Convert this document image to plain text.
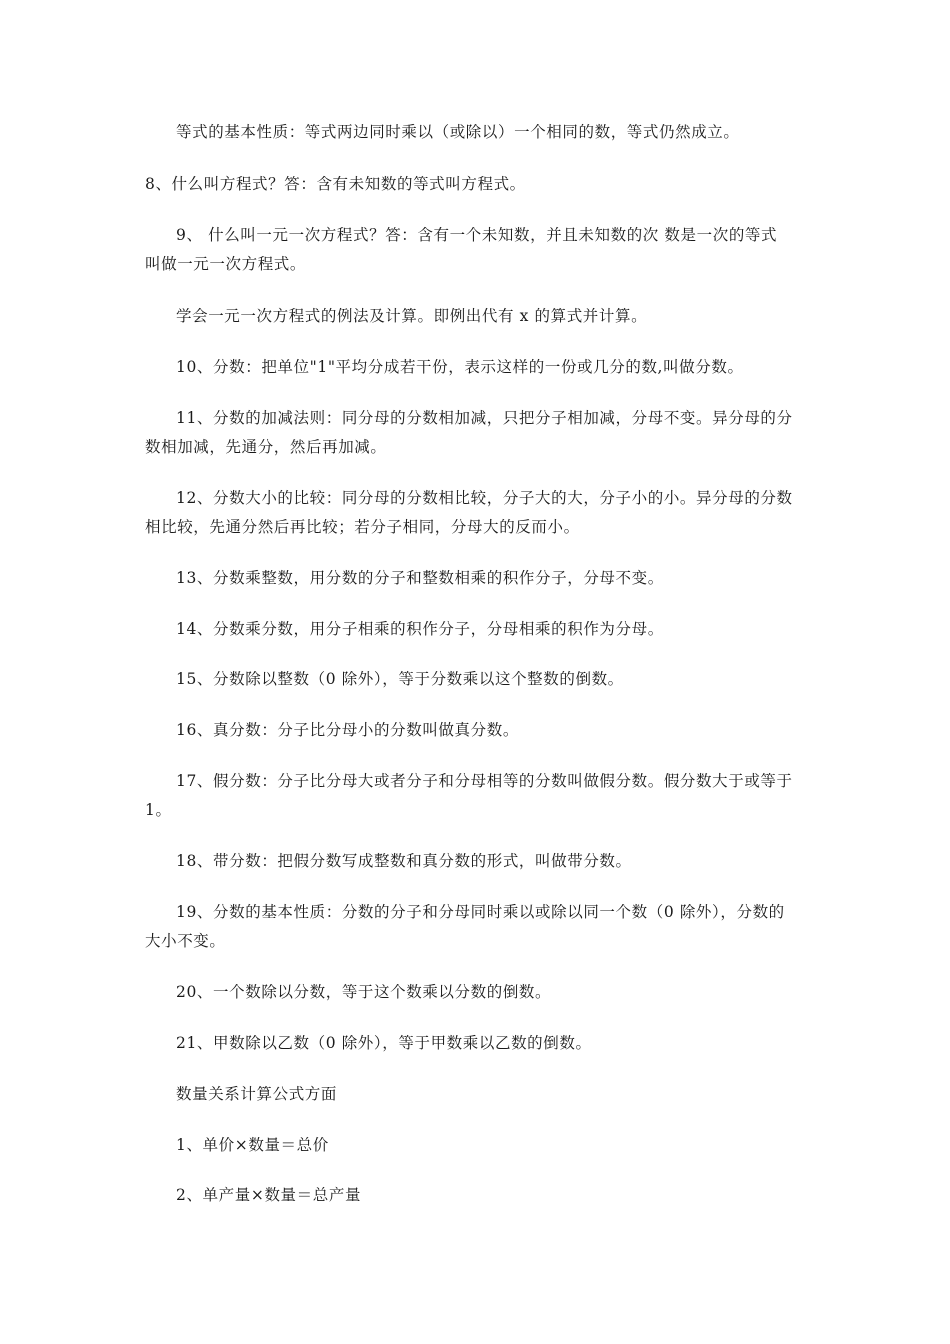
等式的基本性质：等式两边同时乘以（或除以）一个相同的数，等式仍然成立。
8、什么叫方程式？答：含有未知数的等式叫方程式。
9、 什么叫一元一次方程式？答：含有一个未知数，并且未知数的次 数是一次的等式
叫做一元一次方程式。
学会一元一次方程式的例法及计算。即例出代有 x 的算式并计算。
10、分数：把单位"1"平均分成若干份，表示这样的一份或几分的数,叫做分数。
11、分数的加减法则：同分母的分数相加减，只把分子相加减，分母不变。异分母的分
数相加减，先通分，然后再加减。
12、分数大小的比较：同分母的分数相比较，分子大的大，分子小的小。异分母的分数
相比较，先通分然后再比较；若分子相同，分母大的反而小。
13、分数乘整数，用分数的分子和整数相乘的积作分子，分母不变。
14、分数乘分数，用分子相乘的积作分子，分母相乘的积作为分母。
15、分数除以整数（0 除外），等于分数乘以这个整数的倒数。
16、真分数：分子比分母小的分数叫做真分数。
17、假分数：分子比分母大或者分子和分母相等的分数叫做假分数。假分数大于或等于
1。
18、带分数：把假分数写成整数和真分数的形式，叫做带分数。
19、分数的基本性质：分数的分子和分母同时乘以或除以同一个数（0 除外），分数的
大小不变。
20、一个数除以分数，等于这个数乘以分数的倒数。
21、甲数除以乙数（0 除外），等于甲数乘以乙数的倒数。
数量关系计算公式方面
1、单价×数量＝总价
2、单产量×数量＝总产量
